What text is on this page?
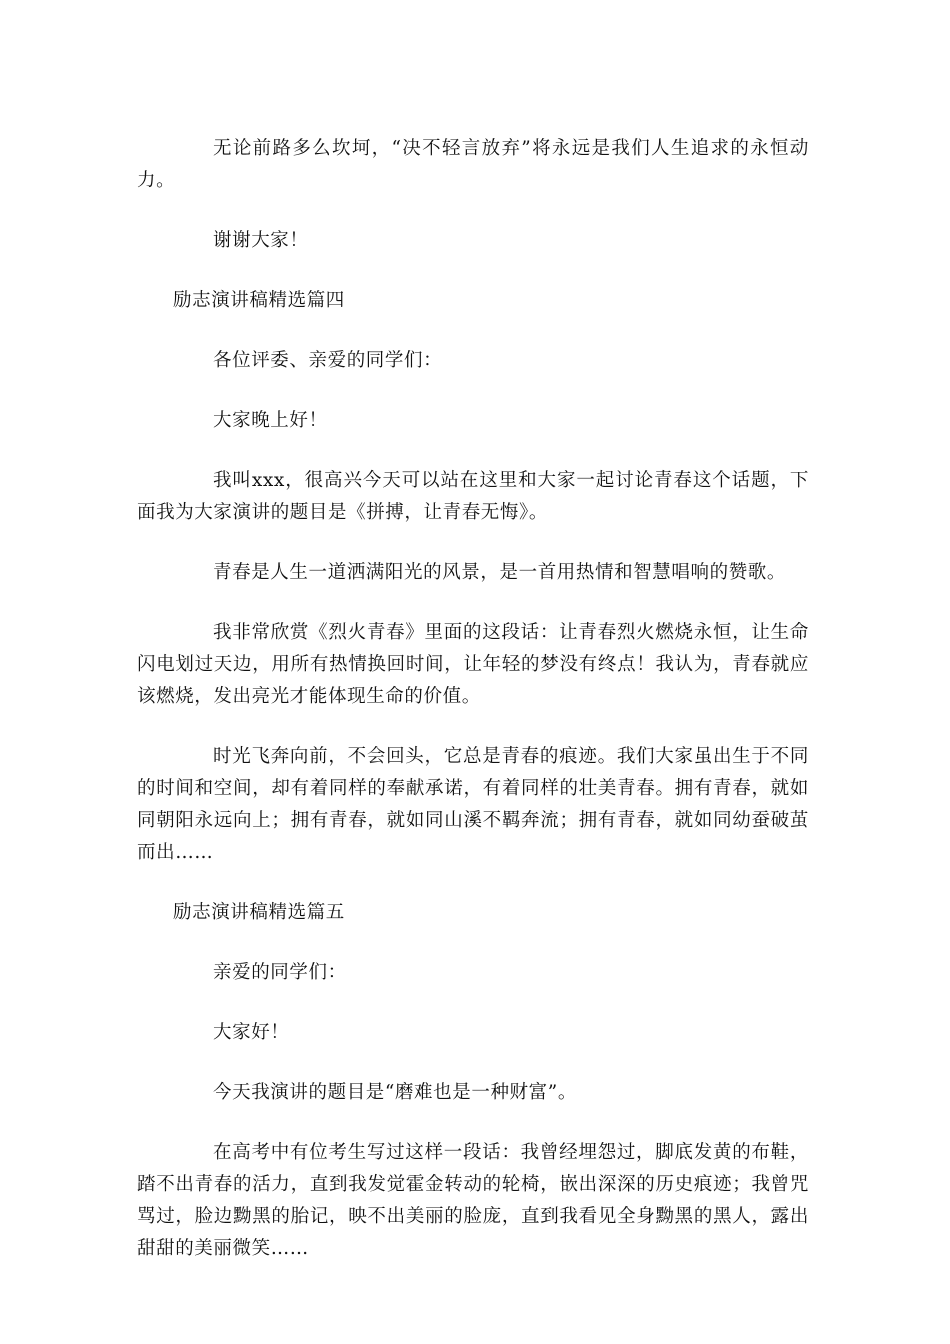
无论前路多么坎坷，“决不轻言放弃”将永远是我们人生追求的永恒动力。

谢谢大家！

励志演讲稿精选篇四

各位评委、亲爱的同学们：

大家晚上好！

我叫xxx，很高兴今天可以站在这里和大家一起讨论青春这个话题，下面我为大家演讲的题目是《拼搏，让青春无悔》。

青春是人生一道洒满阳光的风景，是一首用热情和智慧唱响的赞歌。

我非常欣赏《烈火青春》里面的这段话：让青春烈火燃烧永恒，让生命闪电划过天边，用所有热情换回时间，让年轻的梦没有终点！我认为，青春就应该燃烧，发出亮光才能体现生命的价值。

时光飞奔向前，不会回头，它总是青春的痕迹。我们大家虽出生于不同的时间和空间，却有着同样的奉献承诺，有着同样的壮美青春。拥有青春，就如同朝阳永远向上；拥有青春，就如同山溪不羁奔流；拥有青春，就如同幼蚕破茧而出……

励志演讲稿精选篇五

亲爱的同学们：

大家好！

今天我演讲的题目是“磨难也是一种财富”。

在高考中有位考生写过这样一段话：我曾经埋怨过，脚底发黄的布鞋，踏不出青春的活力，直到我发觉霍金转动的轮椅，嵌出深深的历史痕迹；我曾咒骂过，脸边黝黑的胎记，映不出美丽的脸庞，直到我看见全身黝黑的黑人，露出甜甜的美丽微笑……
